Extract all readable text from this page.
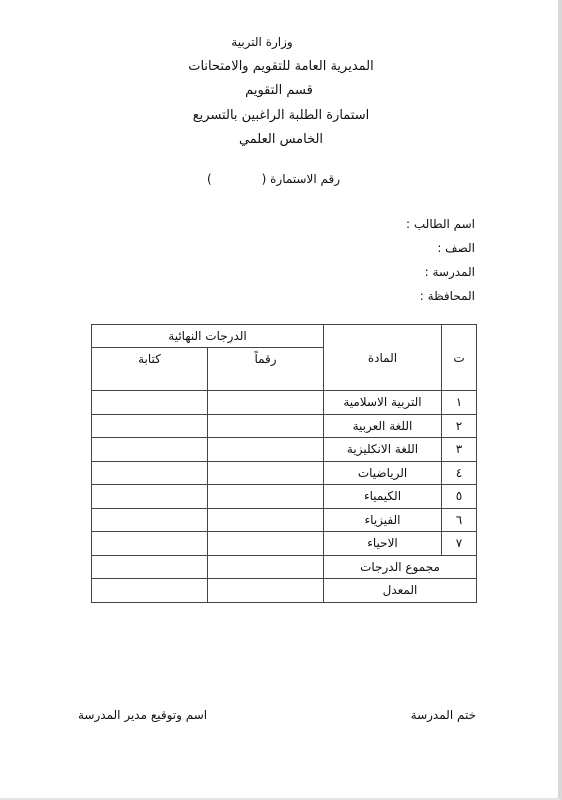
وزارة التربية
المديرية العامة للتقويم والامتحانات
قسم التقويم
استمارة الطلبة الراغبين بالتسريع
الخامس العلمي
رقم الاستمارة ()
اسم الطالب :
الصف :
المدرسة :
المحافظة :
ت	المادة	الدرجات النهائية	
		رقماً	كتابة
١	التربية الاسلامية		
٢	اللغة العربية		
٣	اللغة الانكليزية		
٤	الرياضيات		
٥	الكيمياء		
٦	الفيزياء		
٧	الاحياء		
مجموع الدرجات			
المعدل			
ختم المدرسة
اسم وتوقيع مدير المدرسة
